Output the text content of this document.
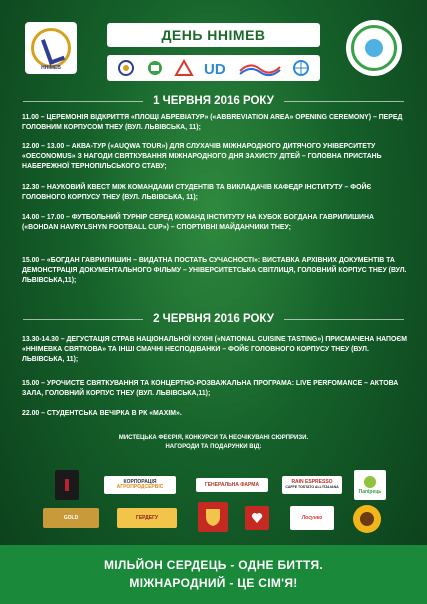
ННІМЕВ
ДЕНЬ ННІМЕВ
UD
1 ЧЕРВНЯ 2016 РОКУ
11.00 – ЦЕРЕМОНІЯ ВІДКРИТТЯ «ПЛОЩІ АБРЕВІАТУР» («ABBREVIATION AREA» OPENING CEREMONY) – ПЕРЕД ГОЛОВНИМ КОРПУСОМ ТНЕУ (ВУЛ. ЛЬВІВСЬКА, 11);
12.00 – 13.00 – АКВА-ТУР («AUQWA TOUR») ДЛЯ СЛУХАЧІВ МІЖНАРОДНОГО ДИТЯЧОГО УНІВЕРСИТЕТУ «OECONOMUS» З НАГОДИ СВЯТКУВАННЯ МІЖНАРОДНОГО ДНЯ ЗАХИСТУ ДІТЕЙ – ГОЛОВНА ПРИСТАНЬ НАБЕРЕЖНОЇ ТЕРНОПІЛЬСЬКОГО СТАВУ;
12.30 – НАУКОВИЙ КВЕСТ МІЖ КОМАНДАМИ СТУДЕНТІВ ТА ВИКЛАДАЧІВ КАФЕДР ІНСТИТУТУ – ФОЙЄ ГОЛОВНОГО КОРПУСУ ТНЕУ (ВУЛ. ЛЬВІВСЬКА, 11);
14.00 – 17.00 – ФУТБОЛЬНИЙ ТУРНІР СЕРЕД КОМАНД ІНСТИТУТУ НА КУБОК БОГДАНА ГАВРИЛИШИНА («BOHDAN HAVRYLSHYN FOOTBALL CUP») – СПОРТИВНІ МАЙДАНЧИКИ ТНЕУ;
15.00 – «БОГДАН ГАВРИЛИШИН – ВИДАТНА ПОСТАТЬ СУЧАСНОСТІ»: ВИСТАВКА АРХІВНИХ ДОКУМЕНТІВ ТА ДЕМОНСТРАЦІЯ ДОКУМЕНТАЛЬНОГО ФІЛЬМУ – УНІВЕРСИТЕТСЬКА СВІТЛИЦЯ, ГОЛОВНИЙ КОРПУС ТНЕУ (ВУЛ. ЛЬВІВСЬКА,11);
2 ЧЕРВНЯ 2016 РОКУ
13.30-14.30 – ДЕГУСТАЦІЯ СТРАВ НАЦІОНАЛЬНОЇ КУХНІ («NATIONAL CUISINE TASTING») ПРИСМАЧЕНА НАПОЄМ «ННІМЕВКА СВЯТКОВА» ТА ІНШІ СМАЧНІ НЕСПОДІВАНКИ – ФОЙЄ ГОЛОВНОГО КОРПУСУ ТНЕУ (ВУЛ. ЛЬВІВСЬКА, 11);
15.00 – УРОЧИСТЕ СВЯТКУВАННЯ ТА КОНЦЕРТНО-РОЗВАЖАЛЬНА ПРОГРАМА: LIVE PERFOMANCE – АКТОВА ЗАЛА, ГОЛОВНИЙ КОРПУС ТНЕУ (ВУЛ. ЛЬВІВСЬКА,11);
22.00 – СТУДЕНТСЬКА ВЕЧІРКА В РК «MAXIM».
МИСТЕЦЬКА ФЕЄРІЯ, КОНКУРСИ ТА НЕОЧІКУВАНІ СЮРПРИЗИ.
НАГОРОДИ ТА ПОДАРУНКИ ВІД:
КОРПОРАЦІЯ
АГРОПРОДСЕРВІС	ГЕНЕРАЛЬНА ФАРМА	RAIN ESPRESSO
CAFFE TOSTATO ALL'ITALIANA
Папірець
GOLD	ГЕРДЕГУ	Лосунко
МІЛЬЙОН СЕРДЕЦЬ - ОДНЕ БИТТЯ.
МІЖНАРОДНИЙ - ЦЕ СІМ'Я!
